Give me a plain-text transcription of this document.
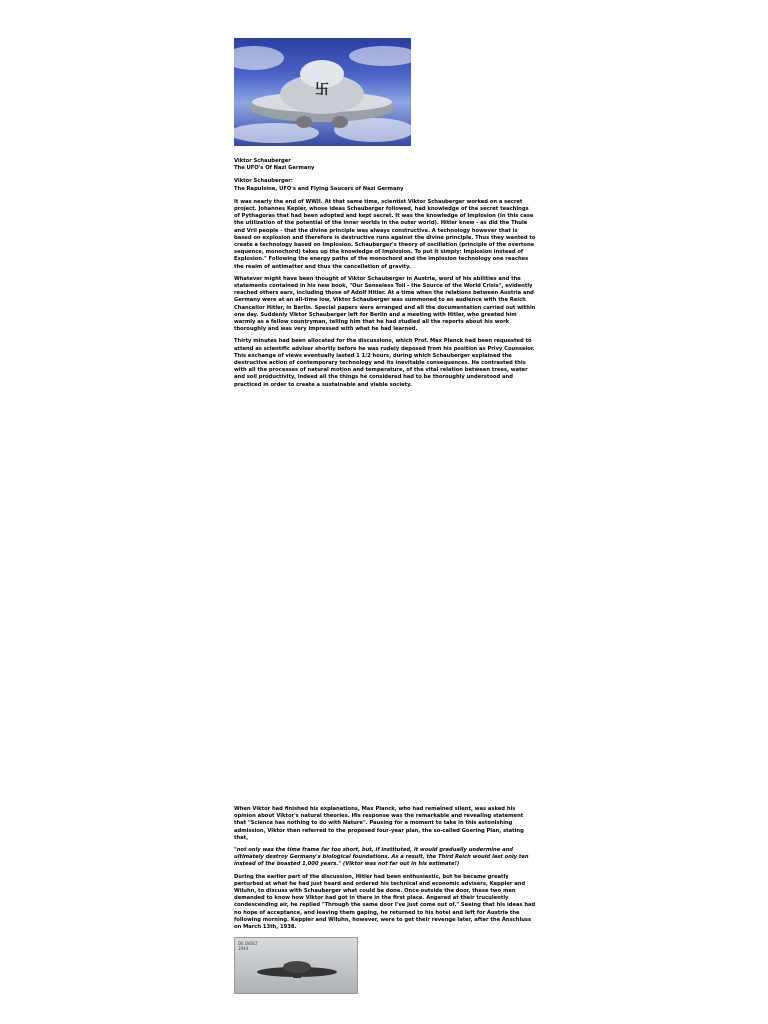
卐
Viktor Schauberger
The UFO's Of Nazi Germany
Viktor Schauberger:
The Repulsine, UFO's and Flying Saucers of Nazi Germany

It was nearly the end of WWII. At that same time, scientist Viktor Schauberger worked on a secret project. Johannes Kepler, whose ideas Schauberger followed, had knowledge of the secret teachings of Pythagoras that had been adopted and kept secret. It was the knowledge of Implosion (in this case the utilization of the potential of the inner worlds in the outer world). Hitler knew - as did the Thule and Vril people - that the divine principle was always constructive. A technology however that is based on explosion and therefore is destructive runs against the divine principle. Thus they wanted to create a technology based on Implosion. Schauberger's theory of oscillation (principle of the overtone sequence, monochord) takes up the knowledge of Implosion. To put it simply: Implosion instead of Explosion." Following the energy paths of the monochord and the implosion technology one reaches the realm of antimatter and thus the cancellation of gravity.

Whatever might have been thought of Viktor Schauberger in Austria, word of his abilities and the statements contained in his new book, "Our Senseless Toil - the Source of the World Crisis", evidently reached others ears, including those of Adolf Hitler. At a time when the relations between Austria and Germany were at an all-time low, Viktor Schauberger was summoned to an audience with the Reich Chancellor Hitler, in Berlin. Special papers were arranged and all the documentation carried out within one day. Suddenly Viktor Schauberger left for Berlin and a meeting with Hitler, who greeted him warmly as a fellow countryman, telling him that he had studied all the reports about his work thoroughly and was very impressed with what he had learned.

Thirty minutes had been allocated for the discussions, which Prof. Max Planck had been requested to attend as scientific adviser shortly before he was rudely deposed from his position as Privy Counselor. This exchange of views eventually lasted 1 1/2 hours, during which Schauberger explained the destructive action of contemporary technology and its inevitable consequences. He contrasted this with all the processes of natural motion and temperature, of the vital relation between trees, water and soil productivity, indeed all the things he considered had to be thoroughly understood and practiced in order to create a sustainable and viable society.

When Viktor had finished his explanations, Max Planck, who had remained silent, was asked his opinion about Viktor's natural theories. His response was the remarkable and revealing statement that "Science has nothing to do with Nature". Pausing for a moment to take in this astonishing admission, Viktor then referred to the proposed four-year plan, the so-called Goering Plan, stating that,

"not only was the time frame far too short, but, if instituted, it would gradually undermine and ultimately destroy Germany's biological foundations. As a result, the Third Reich would last only ten instead of the boasted 1,000 years." (Viktor was not far out in his estimate!)

During the earlier part of the discussion, Hitler had been enthusiastic, but he became greatly perturbed at what he had just heard and ordered his technical and economic advisers, Keppler and Wiluhn, to discuss with Schauberger what could be done. Once outside the door, these two men demanded to know how Viktor had got in there in the first place. Angered at their truculently condescending air, he replied "Through the same door I've just come out of." Seeing that his ideas had no hope of acceptance, and leaving them gaping, he returned to his hotel and left for Austria the following morning. Keppler and Wiluhn, however, were to get their revenge later, after the Anschluss on March 13th, 1938.

DE DIGILT
1944
